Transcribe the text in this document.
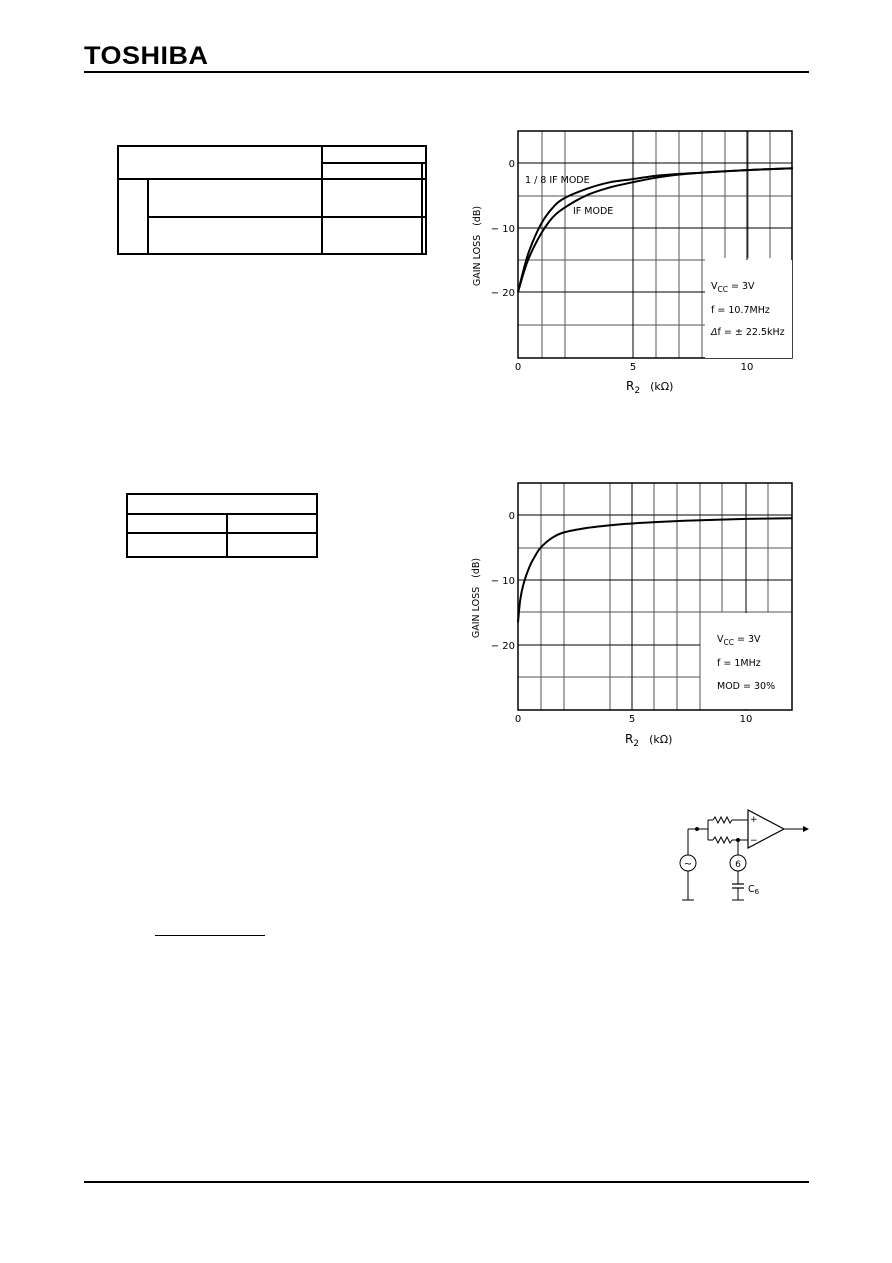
TOSHIBA

1 / 8 IF MODE
IF MODE
0
− 10
− 20
0	5	10
GAIN LOSS   (dB)
$R_2$ (kΩ)
$V_{CC} = 3V$
f = 10.7MHz
Δf = ± 22.5kHz
0
− 10
− 20
0	5	10
GAIN LOSS   (dB)
$R_2$ (kΩ)
$V_{CC} = 3V$
f = 1MHz
MOD = 30%
+
−
~	6
$C_6$
